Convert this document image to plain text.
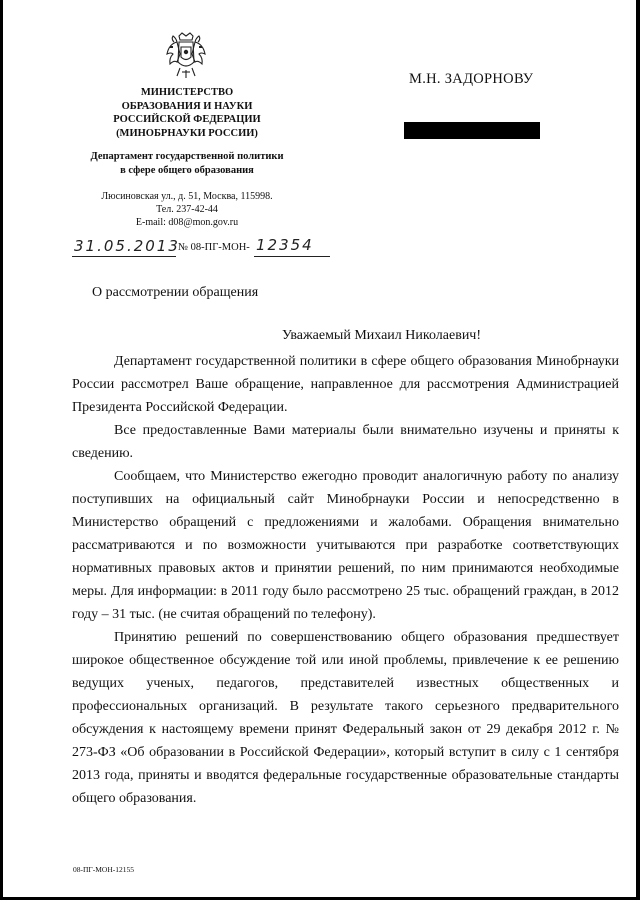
МИНИСТЕРСТВО
ОБРАЗОВАНИЯ И НАУКИ
РОССИЙСКОЙ ФЕДЕРАЦИИ
(МИНОБРНАУКИ РОССИИ)
Департамент государственной политики
в сфере общего образования
Люсиновская ул., д. 51, Москва, 115998.
Тел. 237-42-44
E-mail: d08@mon.gov.ru
М.Н. ЗАДОРНОВУ
31.05.2013
№ 08-ПГ-МОН- 12354
О рассмотрении обращения
Уважаемый Михаил Николаевич!

Департамент государственной политики в сфере общего образования Минобрнауки России рассмотрел Ваше обращение, направленное для рассмотрения Администрацией Президента Российской Федерации.

Все предоставленные Вами материалы были внимательно изучены и приняты к сведению.

Сообщаем, что Министерство ежегодно проводит аналогичную работу по анализу поступивших на официальный сайт Минобрнауки России и непосредственно в Министерство обращений с предложениями и жалобами. Обращения внимательно рассматриваются и по возможности учитываются при разработке соответствующих нормативных правовых актов и принятии решений, по ним принимаются необходимые меры. Для информации: в 2011 году было рассмотрено 25 тыс. обращений граждан, в 2012 году – 31 тыс. (не считая обращений по телефону).

Принятию решений по совершенствованию общего образования предшествует широкое общественное обсуждение той или иной проблемы, привлечение к ее решению ведущих ученых, педагогов, представителей известных общественных и профессиональных организаций. В результате такого серьезного предварительного обсуждения к настоящему времени принят Федеральный закон от 29 декабря 2012 г. № 273-ФЗ «Об образовании в Российской Федерации», который вступит в силу с 1 сентября 2013 года, приняты и вводятся федеральные государственные образовательные стандарты общего образования.

08-ПГ-МОН-12155
